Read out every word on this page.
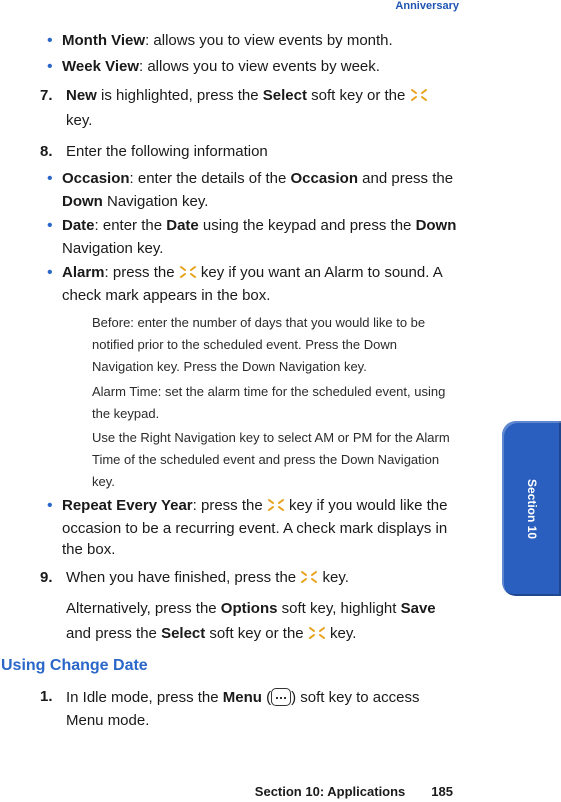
Anniversary
Section 10
• Month View: allows you to view events by month.
• Week View: allows you to view events by week.
7. New is highlighted, press the Select soft key or the
key.
8. Enter the following information
• Occasion: enter the details of the Occasion and press the
Down Navigation key.
• Date: enter the Date using the keypad and press the Down
Navigation key.
• Alarm: press the
key if you want an Alarm to sound. A
check mark appears in the box.
Before: enter the number of days that you would like to be
notified prior to the scheduled event. Press the Down
Navigation key. Press the Down Navigation key.
Alarm Time: set the alarm time for the scheduled event, using
the keypad.
Use the Right Navigation key to select AM or PM for the Alarm
Time of the scheduled event and press the Down Navigation
key.
• Repeat Every Year: press the
key if you would like the
occasion to be a recurring event. A check mark displays in
the box.
9. When you have finished, press the
key.
Alternatively, press the Options soft key, highlight Save
and press the Select soft key or the
key.
Using Change Date
1. In Idle mode, press the Menu ( ) soft key to access
Menu mode.
Section 10: Applications 185
